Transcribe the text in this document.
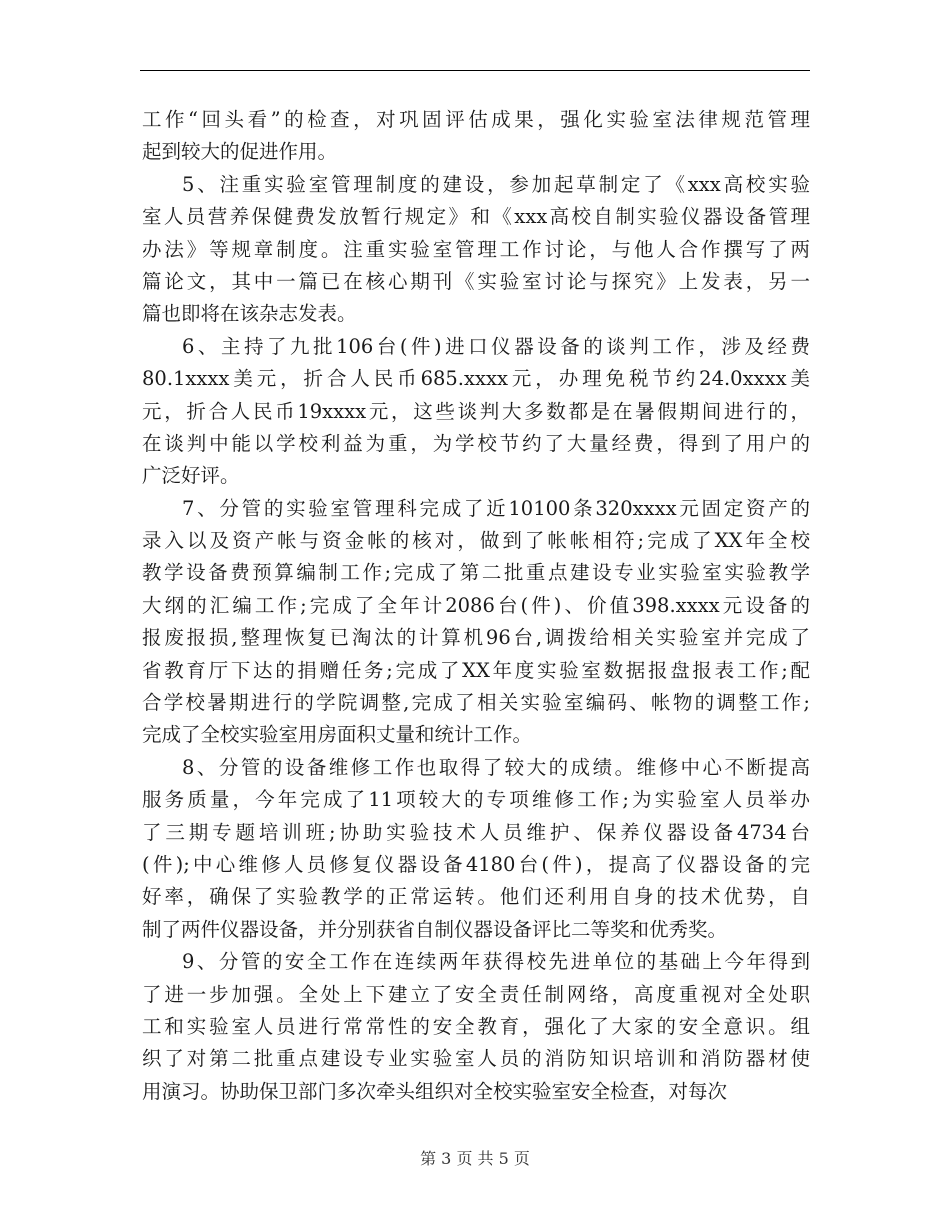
工作“回头看”的检查，对巩固评估成果，强化实验室法律规范管理
起到较大的促进作用。
5、注重实验室管理制度的建设，参加起草制定了《xxx高校实验
室人员营养保健费发放暂行规定》和《xxx高校自制实验仪器设备管理
办法》等规章制度。注重实验室管理工作讨论，与他人合作撰写了两
篇论文，其中一篇已在核心期刊《实验室讨论与探究》上发表，另一
篇也即将在该杂志发表。
6、主持了九批106台(件)进口仪器设备的谈判工作，涉及经费
80.1xxxx美元，折合人民币685.xxxx元，办理免税节约24.0xxxx美
元，折合人民币19xxxx元，这些谈判大多数都是在暑假期间进行的，
在谈判中能以学校利益为重，为学校节约了大量经费，得到了用户的
广泛好评。
7、分管的实验室管理科完成了近10100条320xxxx元固定资产的
录入以及资产帐与资金帐的核对，做到了帐帐相符;完成了XX年全校
教学设备费预算编制工作;完成了第二批重点建设专业实验室实验教学
大纲的汇编工作;完成了全年计2086台(件)、价值398.xxxx元设备的
报废报损,整理恢复已淘汰的计算机96台,调拨给相关实验室并完成了
省教育厅下达的捐赠任务;完成了XX年度实验室数据报盘报表工作;配
合学校暑期进行的学院调整,完成了相关实验室编码、帐物的调整工作;
完成了全校实验室用房面积丈量和统计工作。
8、分管的设备维修工作也取得了较大的成绩。维修中心不断提高
服务质量，今年完成了11项较大的专项维修工作;为实验室人员举办
了三期专题培训班;协助实验技术人员维护、保养仪器设备4734台
(件);中心维修人员修复仪器设备4180台(件)，提高了仪器设备的完
好率，确保了实验教学的正常运转。他们还利用自身的技术优势，自
制了两件仪器设备，并分别获省自制仪器设备评比二等奖和优秀奖。
9、分管的安全工作在连续两年获得校先进单位的基础上今年得到
了进一步加强。全处上下建立了安全责任制网络，高度重视对全处职
工和实验室人员进行常常性的安全教育，强化了大家的安全意识。组
织了对第二批重点建设专业实验室人员的消防知识培训和消防器材使
用演习。协助保卫部门多次牵头组织对全校实验室安全检查，对每次
第 3 页 共 5 页
